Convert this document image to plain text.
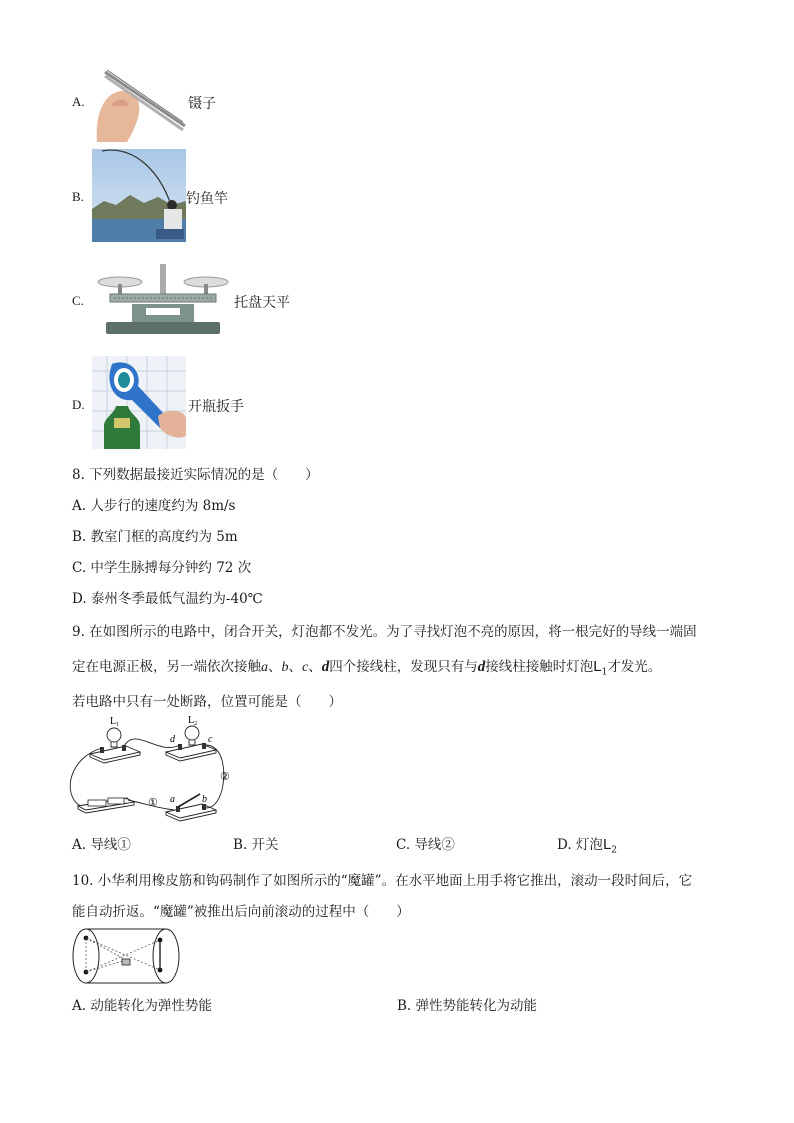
A.	镊子
B.	钓鱼竿
C.	托盘天平
D.	开瓶扳手
8. 下列数据最接近实际情况的是（　　）
A. 人步行的速度约为 8m/s
B. 教室门框的高度约为 5m
C. 中学生脉搏每分钟约 72 次
D. 泰州冬季最低气温约为-40℃
9. 在如图所示的电路中，闭合开关，灯泡都不发光。为了寻找灯泡不亮的原因，将一根完好的导线一端固
定在电源正极，另一端依次接触a、b、c、d四个接线柱，发现只有与d接线柱接触时灯泡$L_1$才发光。
若电路中只有一处断路，位置可能是（　　）
$L_1$	$L_2$
d	c
① a	b
②
A. 导线①	B. 开关	C. 导线②	D. 灯泡$L_2$
10. 小华利用橡皮筋和钩码制作了如图所示的“魔罐”。在水平地面上用手将它推出，滚动一段时间后，它
能自动折返。“魔罐”被推出后向前滚动的过程中（　　）
A. 动能转化为弹性势能	B. 弹性势能转化为动能
